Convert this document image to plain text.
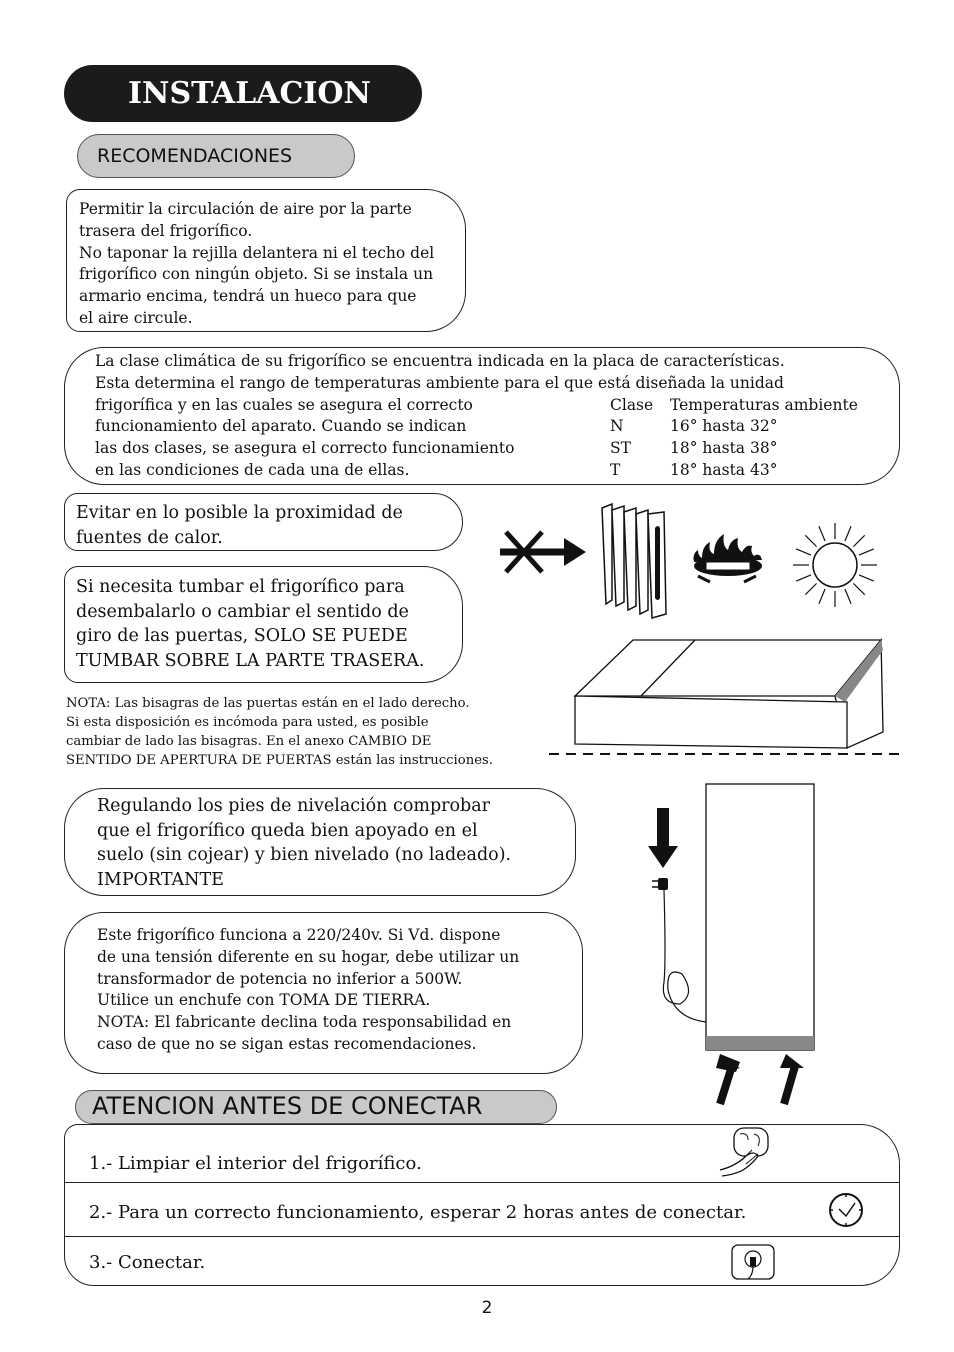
INSTALACION
RECOMENDACIONES
Permitir la circulación de aire por la parte
trasera del frigorífico.
No taponar la rejilla delantera ni el techo del
frigorífico con ningún objeto. Si se instala un
armario encima, tendrá un hueco para que
el aire circule.
La clase climática de su frigorífico se encuentra indicada en la placa de características.
Esta determina el rango de temperaturas ambiente para el que está diseñada la unidad
frigorífica y en las cuales se asegura el correcto
funcionamiento del aparato. Cuando se indican
las dos clases, se asegura el correcto funcionamiento
en las condiciones de cada una de ellas.
Clase Temperaturas ambiente
N	16° hasta 32°
ST	18° hasta 38°
T	18° hasta 43°
Evitar en lo posible la proximidad de
fuentes de calor.
Si necesita tumbar el frigorífico para
desembalarlo o cambiar el sentido de
giro de las puertas, SOLO SE PUEDE
TUMBAR SOBRE LA PARTE TRASERA.
NOTA: Las bisagras de las puertas están en el lado derecho.
Si esta disposición es incómoda para usted, es posible
cambiar de lado las bisagras. En el anexo CAMBIO DE
SENTIDO DE APERTURA DE PUERTAS están las instrucciones.
Regulando los pies de nivelación comprobar
que el frigorífico queda bien apoyado en el
suelo (sin cojear) y bien nivelado (no ladeado).
IMPORTANTE
Este frigorífico funciona a 220/240v. Si Vd. dispone
de una tensión diferente en su hogar, debe utilizar un
transformador de potencia no inferior a 500W.
Utilice un enchufe con TOMA DE TIERRA.
NOTA: El fabricante declina toda responsabilidad en
caso de que no se sigan estas recomendaciones.
ATENCION ANTES DE CONECTAR
1.- Limpiar el interior del frigorífico.
2.- Para un correcto funcionamiento, esperar 2 horas antes de conectar.
3.- Conectar.
2
